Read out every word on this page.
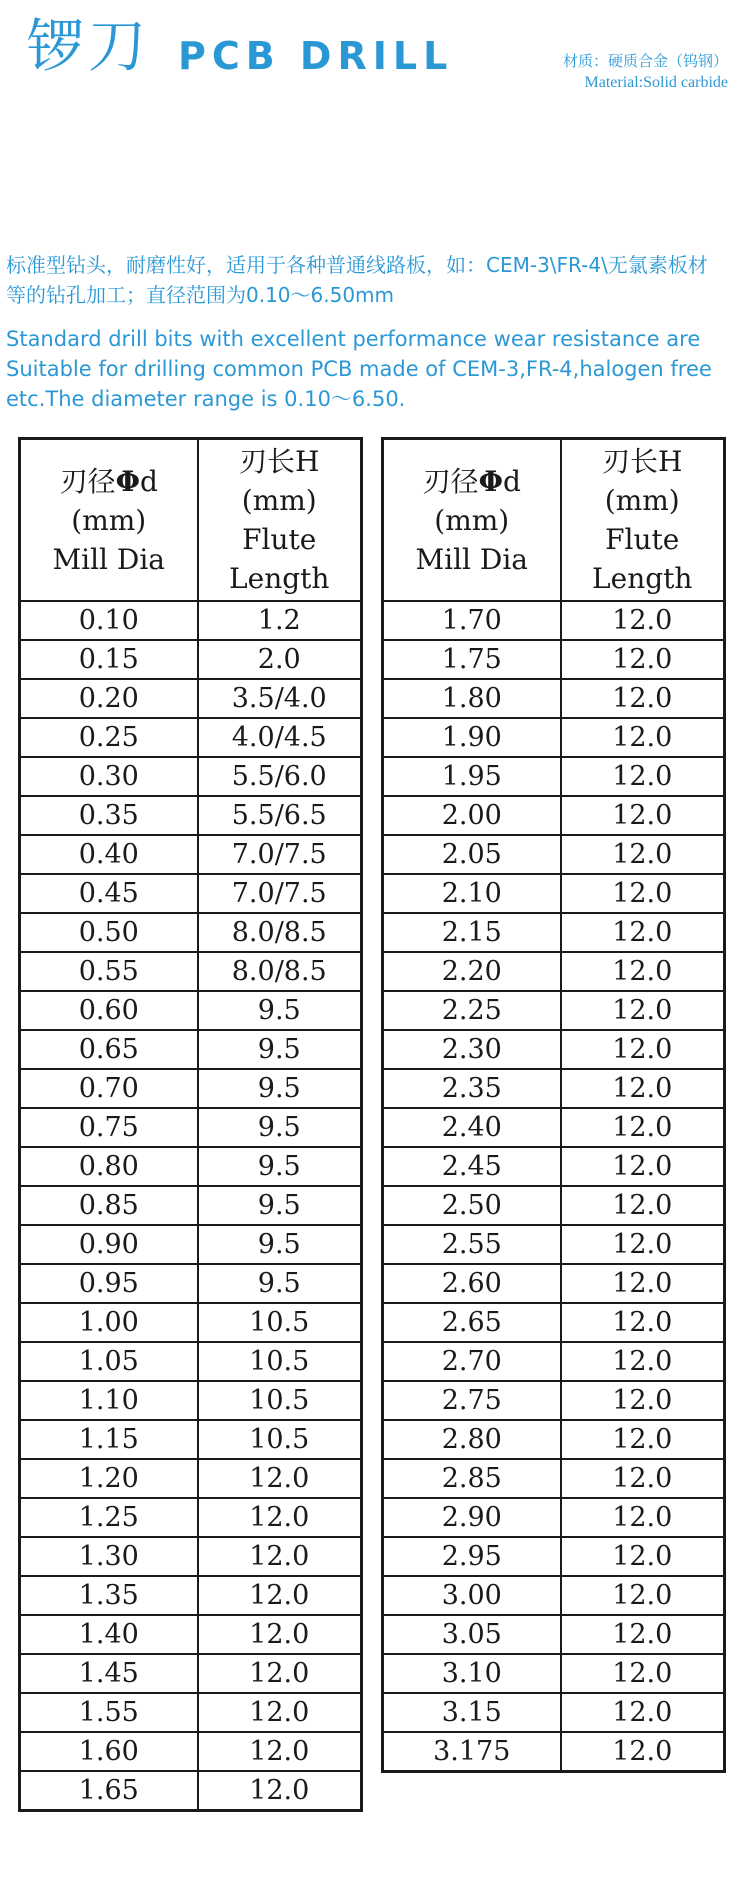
锣刀 PCB DRILL	材质：硬质合金（钨钢）
Material:Solid carbide
标准型钻头，耐磨性好，适用于各种普通线路板，如：CEM-3\FR-4\无氯素板材等的钻孔加工；直径范围为0.10～6.50mm
Standard drill bits with excellent performance wear resistance are Suitable for drilling common PCB made of CEM-3,FR-4,halogen free etc.The diameter range is 0.10～6.50.
刃径Φd
(mm)
Mill Dia	刃长H
(mm)
Flute
Length

0.10	1.2
0.15	2.0
0.20	3.5/4.0
0.25	4.0/4.5
0.30	5.5/6.0
0.35	5.5/6.5
0.40	7.0/7.5
0.45	7.0/7.5
0.50	8.0/8.5
0.55	8.0/8.5
0.60	9.5
0.65	9.5
0.70	9.5
0.75	9.5
0.80	9.5
0.85	9.5
0.90	9.5
0.95	9.5
1.00	10.5
1.05	10.5
1.10	10.5
1.15	10.5
1.20	12.0
1.25	12.0
1.30	12.0
1.35	12.0
1.40	12.0
1.45	12.0
1.55	12.0
1.60	12.0
1.65	12.0
刃径Φd
(mm)
Mill Dia	刃长H
(mm)
Flute
Length

1.70	12.0
1.75	12.0
1.80	12.0
1.90	12.0
1.95	12.0
2.00	12.0
2.05	12.0
2.10	12.0
2.15	12.0
2.20	12.0
2.25	12.0
2.30	12.0
2.35	12.0
2.40	12.0
2.45	12.0
2.50	12.0
2.55	12.0
2.60	12.0
2.65	12.0
2.70	12.0
2.75	12.0
2.80	12.0
2.85	12.0
2.90	12.0
2.95	12.0
3.00	12.0
3.05	12.0
3.10	12.0
3.15	12.0
3.175	12.0
